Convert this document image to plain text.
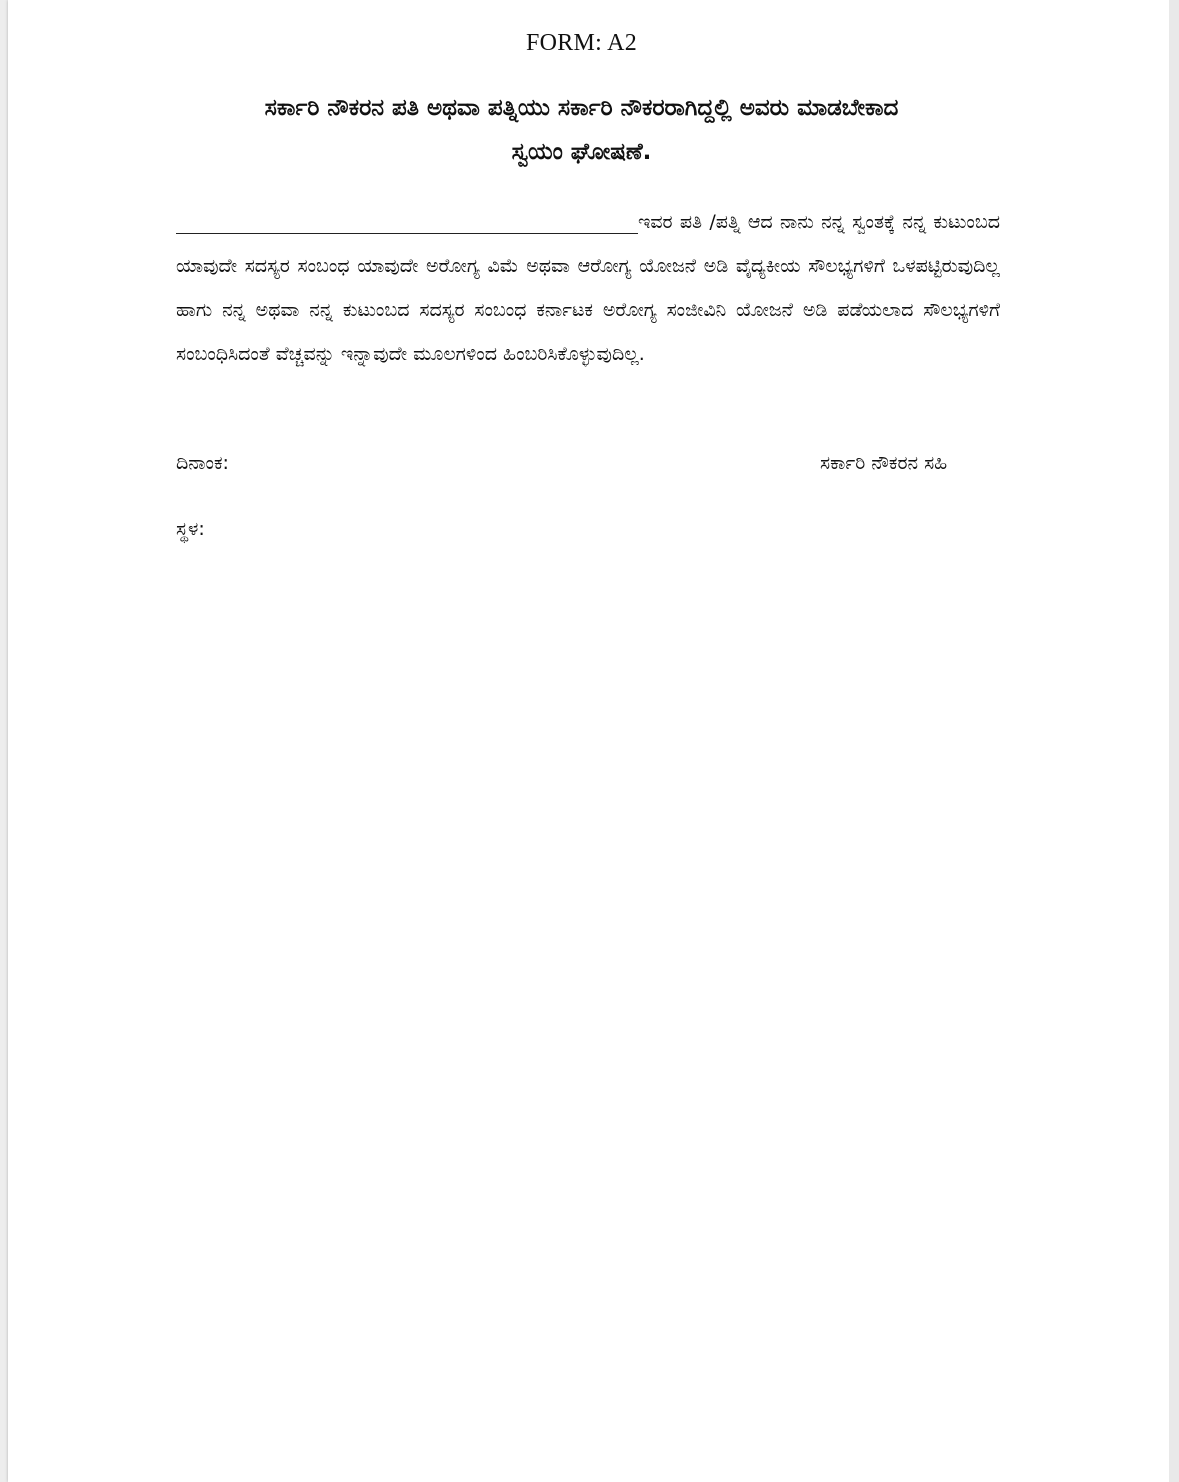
FORM: A2
ಸರ್ಕಾರಿ ನೌಕರನ ಪತಿ ಅಥವಾ ಪತ್ನಿಯು ಸರ್ಕಾರಿ ನೌಕರರಾಗಿದ್ದಲ್ಲಿ ಅವರು ಮಾಡಬೇಕಾದ
ಸ್ವಯಂ ಘೋಷಣೆ.
ಇವರ ಪತಿ /ಪತ್ನಿ ಆದ ನಾನು ನನ್ನ ಸ್ವಂತಕ್ಕೆ ನನ್ನ ಕುಟುಂಬದ ಯಾವುದೇ ಸದಸ್ಯರ ಸಂಬಂಧ ಯಾವುದೇ ಅರೋಗ್ಯ ವಿಮೆ ಅಥವಾ ಆರೋಗ್ಯ ಯೋಜನೆ ಅಡಿ ವೈದ್ಯಕೀಯ ಸೌಲಭ್ಯಗಳಿಗೆ ಒಳಪಟ್ಟಿರುವುದಿಲ್ಲ ಹಾಗು ನನ್ನ ಅಥವಾ ನನ್ನ ಕುಟುಂಬದ ಸದಸ್ಯರ ಸಂಬಂಧ ಕರ್ನಾಟಕ ಅರೋಗ್ಯ ಸಂಜೀವಿನಿ ಯೋಜನೆ ಅಡಿ ಪಡೆಯಲಾದ ಸೌಲಭ್ಯಗಳಿಗೆ ಸಂಬಂಧಿಸಿದಂತೆ ವೆಚ್ಚವನ್ನು ಇನ್ನಾವುದೇ ಮೂಲಗಳಿಂದ ಹಿಂಬರಿಸಿಕೊಳ್ಳುವುದಿಲ್ಲ.
ದಿನಾಂಕ:	ಸರ್ಕಾರಿ ನೌಕರನ ಸಹಿ
ಸ್ಥಳ:
